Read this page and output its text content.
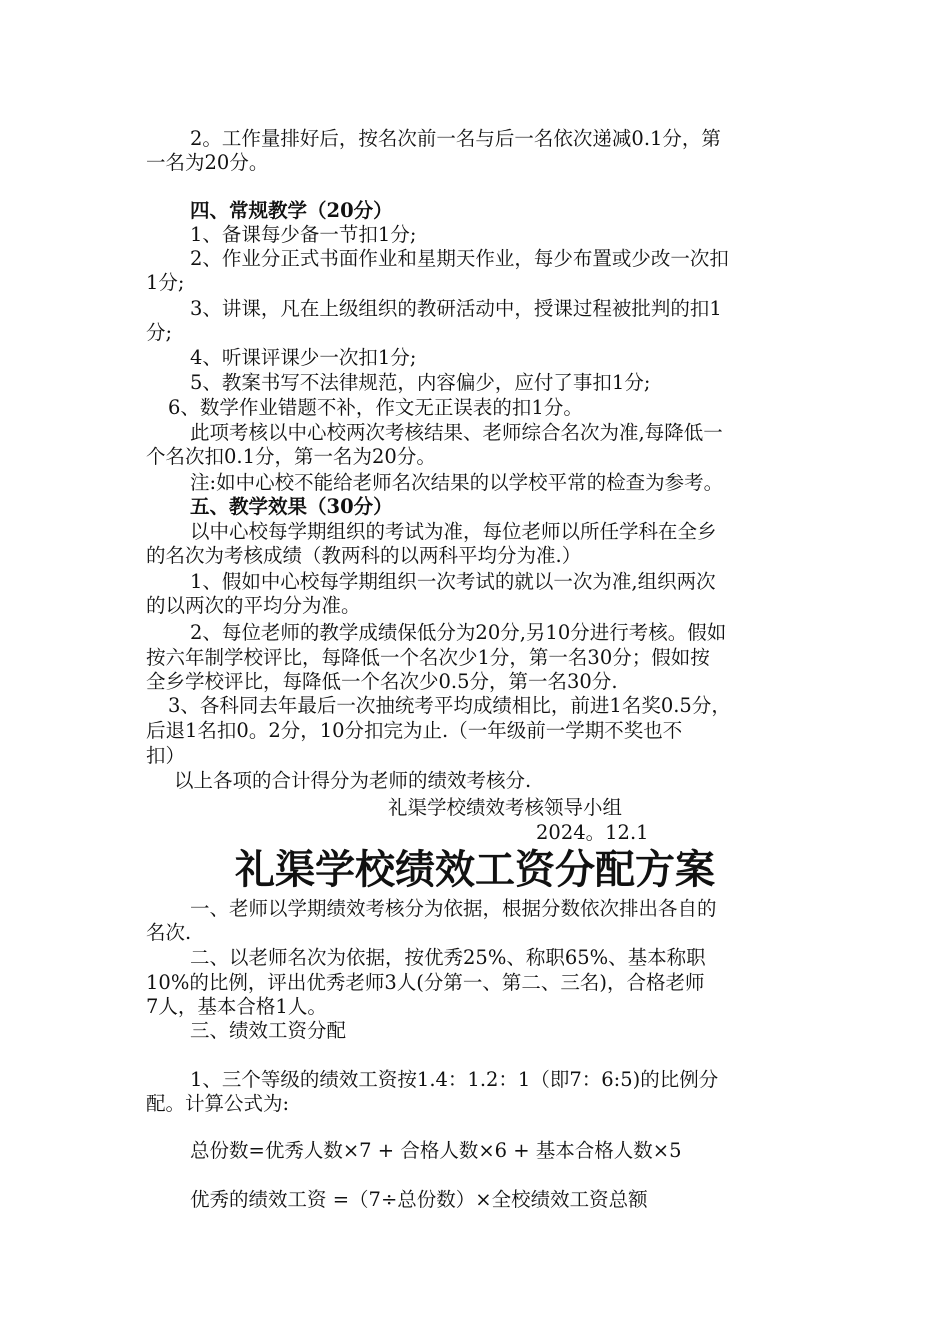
2。工作量排好后，按名次前一名与后一名依次递减0.1分，第

一名为20分。

四、常规教学（20分）

1、备课每少备一节扣1分;

2、作业分正式书面作业和星期天作业，每少布置或少改一次扣

1分;

3、讲课，凡在上级组织的教研活动中，授课过程被批判的扣1

分;

4、听课评课少一次扣1分;

5、教案书写不法律规范，内容偏少，应付了事扣1分;

6、数学作业错题不补，作文无正误表的扣1分。

此项考核以中心校两次考核结果、老师综合名次为准,每降低一

个名次扣0.1分，第一名为20分。

注:如中心校不能给老师名次结果的以学校平常的检查为参考。

五、教学效果（30分）

以中心校每学期组织的考试为准，每位老师以所任学科在全乡

的名次为考核成绩（教两科的以两科平均分为准.）

1、假如中心校每学期组织一次考试的就以一次为准,组织两次

的以两次的平均分为准。

2、每位老师的教学成绩保低分为20分,另10分进行考核。假如

按六年制学校评比，每降低一个名次少1分，第一名30分；假如按

全乡学校评比，每降低一个名次少0.5分，第一名30分.

3、各科同去年最后一次抽统考平均成绩相比，前进1名奖0.5分，

后退1名扣0。2分，10分扣完为止.（一年级前一学期不奖也不

扣）

以上各项的合计得分为老师的绩效考核分.

礼渠学校绩效考核领导小组

2024。12.1

礼渠学校绩效工资分配方案

一、老师以学期绩效考核分为依据，根据分数依次排出各自的

名次.

二、以老师名次为依据，按优秀25%、称职65%、基本称职

10%的比例，评出优秀老师3人(分第一、第二、三名)，合格老师

7人，基本合格1人。

三、绩效工资分配

1、三个等级的绩效工资按1.4：1.2：1（即7：6:5)的比例分

配。计算公式为:

总份数=优秀人数×7 + 合格人数×6 + 基本合格人数×5

优秀的绩效工资 =（7÷总份数）×全校绩效工资总额
